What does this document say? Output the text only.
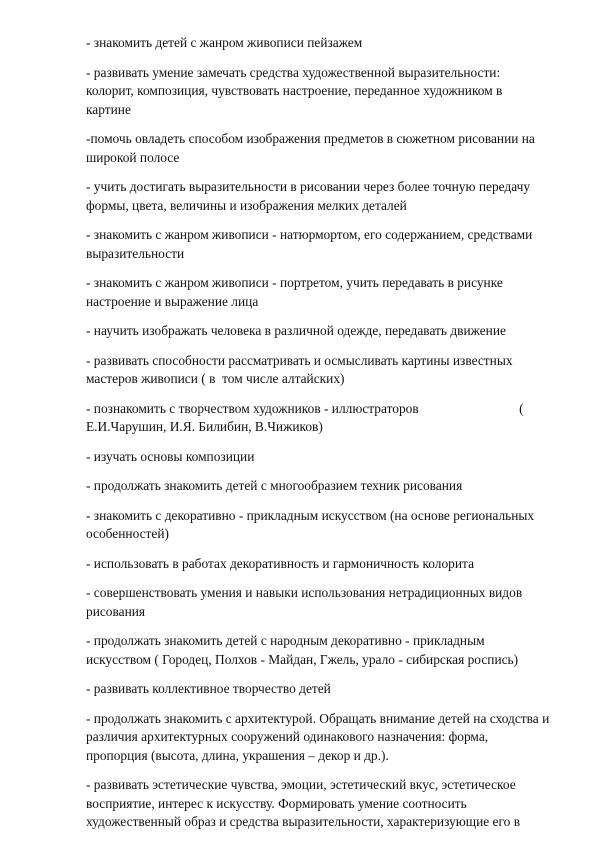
- знакомить детей с жанром живописи пейзажем
- развивать умение замечать средства художественной выразительности:
колорит, композиция, чувствовать настроение, переданное художником в
картине
-помочь овладеть способом изображения предметов в сюжетном рисовании на
широкой полосе
- учить достигать выразительности в рисовании через более точную передачу
формы, цвета, величины и изображения мелких деталей
- знакомить с жанром живописи - натюрмортом, его содержанием, средствами
выразительности
- знакомить с жанром живописи - портретом, учить передавать в рисунке
настроение и выражение лица
- научить изображать человека в различной одежде, передавать движение
- развивать способности рассматривать и осмысливать картины известных
мастеров живописи ( в  том числе алтайских)
- познакомить с творчеством художников - иллюстраторов                              (
Е.И.Чарушин, И.Я. Билибин, В.Чижиков)
- изучать основы композиции
- продолжать знакомить детей с многообразием техник рисования
- знакомить с декоративно - прикладным искусством (на основе региональных
особенностей)
- использовать в работах декоративность и гармоничность колорита
- совершенствовать умения и навыки использования нетрадиционных видов
рисования
- продолжать знакомить детей с народным декоративно - прикладным
искусством ( Городец, Полхов - Майдан, Гжель, урало - сибирская роспись)
- развивать коллективное творчество детей
- продолжать знакомить с архитектурой. Обращать внимание детей на сходства и
различия архитектурных сооружений одинакового назначения: форма,
пропорция (высота, длина, украшения – декор и др.).
- развивать эстетические чувства, эмоции, эстетический вкус, эстетическое
восприятие, интерес к искусству. Формировать умение соотносить
художественный образ и средства выразительности, характеризующие его в
